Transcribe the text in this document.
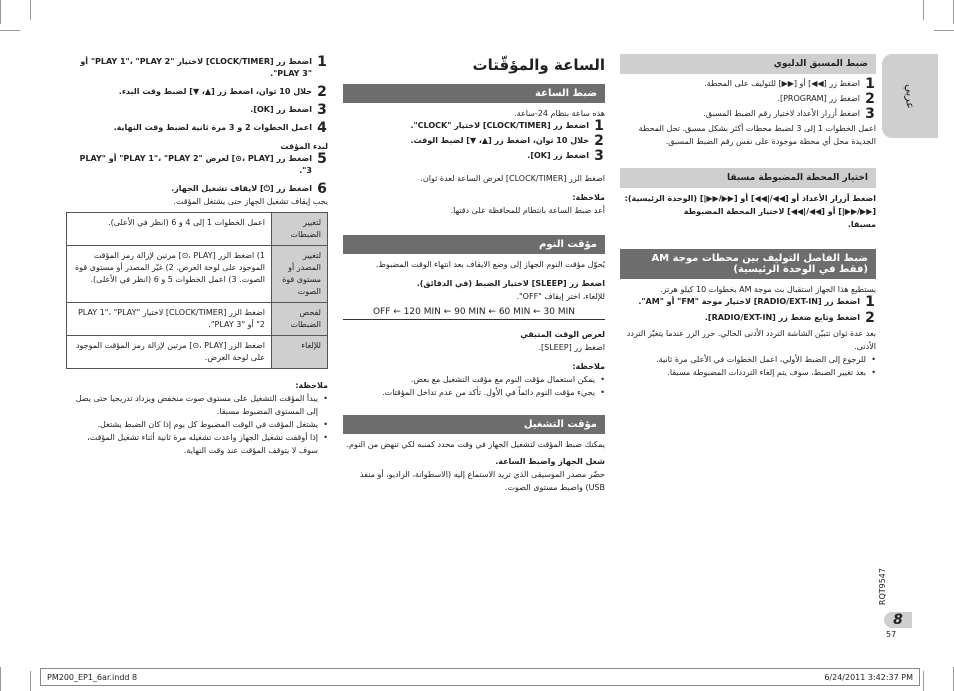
عربي
ضبط المسبق الدليوي
1
اضغط زر [◀◀] أو [▶▶] للتوليف على المحطة.
2
اضغط زر [PROGRAM].
3
اضغط أزرار الأعداد لاختيار رقم الضبط المسبق.
اعمل الخطوات 1 إلى 3 لضبط محطات أكثر بشكل مسبق. تحل المحطة الجديدة محل أي محطة موجودة على نفس رقم الضبط المسبق.
اختيار المحطة المضبوطة مسبقا
اضغط أزرار الأعداد أو [◀◀/|◀◀] أو [▶▶/▶▶|] (الوحدة الرئيسية):
[▶▶/▶▶|] أو [◀◀/|◀◀] لاختيار المحطة المضبوطة
مسبقا.
ضبط الفاصل التوليف بين محطات موجة AM
(فقط في الوحدة الرئيسية)
يستطيع هذا الجهاز استقبال بث موجة AM بخطوات 10 كيلو هرتز.
1
اضغط زر [RADIO/EXT-IN] لاختيار موجة "FM" أو "AM".
2
اضغط وتابع ضغط زر [RADIO/EXT-IN].
بعد عدة ثوان تتبيّن الشاشة التردد الأدنى الحالي. حرر الزر عندما يتغيّر التردد الأدنى.
• للرجوع إلى الضبط الأولي، اعمل الخطوات في الأعلى مرة ثانية.
• بعد تغيير الضبط، سوف يتم إلغاء الترددات المضبوطة مسبقا.
الساعة والمؤقّتات
ضبط الساعة
هذه ساعة بنظام 24-ساعة.
1
اضغط زر [CLOCK/TIMER] لاختيار "CLOCK".
2
خلال 10 ثوان، اضغط زر [▲، ▼] لضبط الوقت.
3
اضغط زر [OK].
اضغط الزر [CLOCK/TIMER] لعرض الساعة لعدة ثوان.
ملاحظة:
أعد ضبط الساعة بانتظام للمحافظة على دقتها.
مؤقت النوم
يُحوّل مؤقت النوم الجهاز إلى وضع الايقاف بعد انتهاء الوقت المضبوط.
اضغط زر [SLEEP] لاختيار الضبط (في الدقائق).
للإلغاء، اختر إيقاف "OFF".
OFF ← 120 MIN ← 90 MIN ← 60 MIN ← 30 MIN
لعرض الوقت المتبقي
اضغط زر [SLEEP].
ملاحظة:
• يمكن استعمال مؤقت النوم مع مؤقت التشغيل مع بعض.
• يجيء مؤقت النوم دائماً في الأول. تأكد من عدم تداخل المؤقتات.
مؤقت التشغيل
يمكنك ضبط المؤقت لتشغيل الجهاز في وقت محدد كمنبه لكي تنهض من النوم.
شغل الجهاز واضبط الساعة.
حضّر مصدر الموسيقى الذي تريد الاستماع إليه (الاسطوانة، الراديو، أو منفذ USB) واضبط مستوى الصوت.
1
اضغط زر [CLOCK/TIMER] لاختيار "PLAY 1"، "PLAY 2" أو "PLAY 3".
2
خلال 10 ثوان، اضغط زر [▲، ▼] لضبط وقت البدء.
3
اضغط زر [OK].
4
اعمل الخطوات 2 و 3 مرة ثانية لضبط وقت النهاية.
لبدء المؤقت
5
اضغط زر [PLAY ،⊙] لعرض "PLAY 1"، "PLAY 2" أو "PLAY 3".
6
اضغط زر [⏻] لايقاف تشغيل الجهاز.
يجب إيقاف تشغيل الجهاز حتى يشتغل المؤقت.
لتغيير الضبطات	اعمل الخطوات 1 إلى 4 و 6 (انظر في الأعلى).
لتغيير المصدر أو مستوى قوة الصوت	1) اضغط الزر [PLAY ،⊙] مرتين لإزالة رمز المؤقت الموجود على لوحة العرض. 2) غيّر المصدر أو مستوى قوة الصوت. 3) اعمل الخطوات 5 و 6 (انظر في الأعلى).
لفحص الضبطات	اضغط الزر [CLOCK/TIMER] لاختيار "PLAY 1"، "PLAY 2" أو "PLAY 3".
للإلغاء	اضغط الزر [PLAY ،⊙] مرتين لإزالة رمز المؤقت الموجود على لوحة العرض.
ملاحظة:
• يبدأ المؤقت التشغيل على مستوى صوت منخفض ويزداد تدريجيا حتى يصل إلى المستوى المضبوط مسبقا.
• يشتغل المؤقت في الوقت المضبوط كل يوم إذا كان الضبط يشتغل.
• إذا أوقفت تشغيل الجهاز واعدت تشغيله مرة ثانية أثناء تشغيل المؤقت، سوف لا يتوقف المؤقت عند وقت النهاية.
RQT9547
8
57
PM200_EP1_6ar.indd 8	6/24/2011 3:42:37 PM
